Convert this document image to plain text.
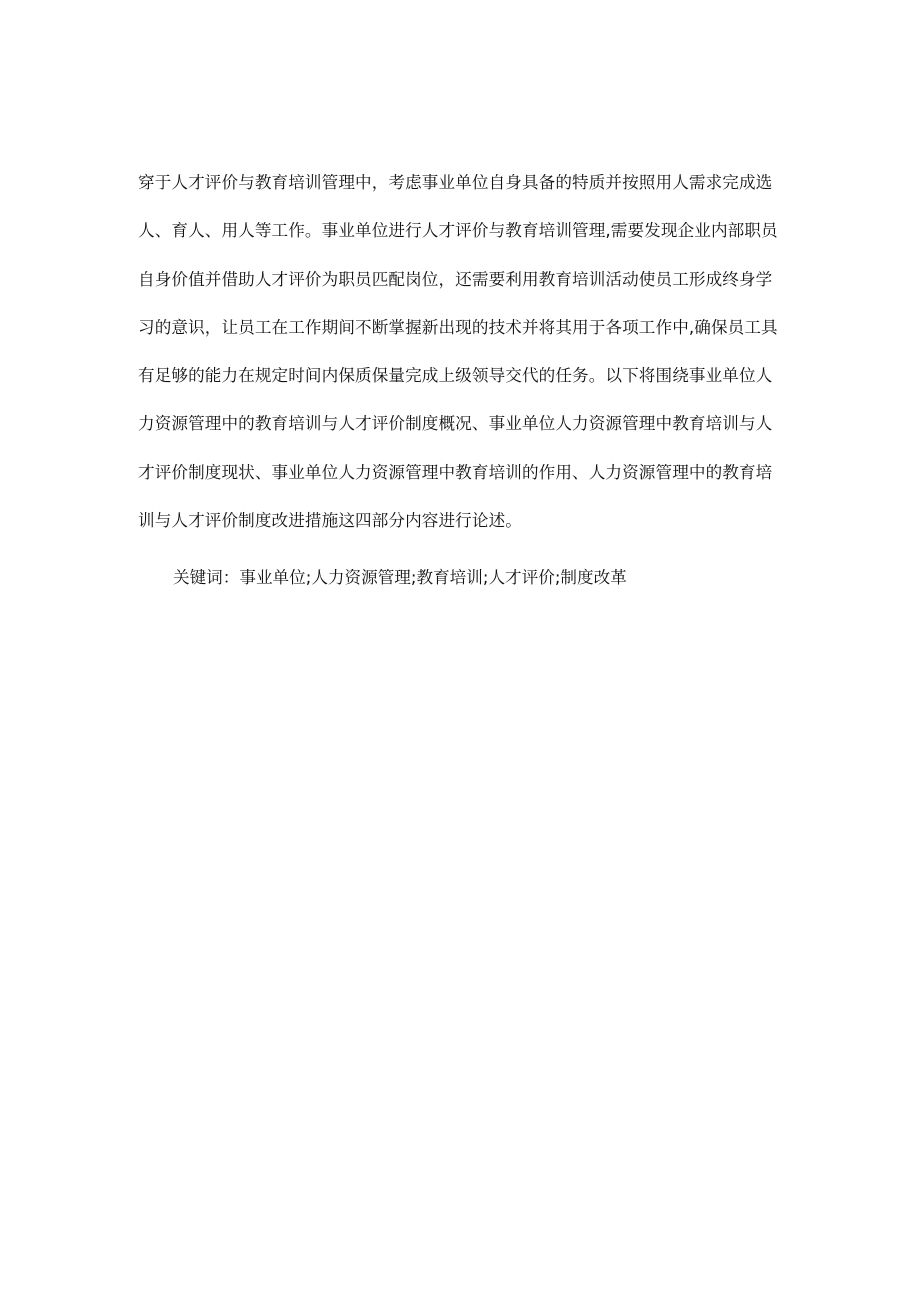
穿于人才评价与教育培训管理中，考虑事业单位自身具备的特质并按照用人需求完成选
人、育人、用人等工作。事业单位进行人才评价与教育培训管理,需要发现企业内部职员
自身价值并借助人才评价为职员匹配岗位，还需要利用教育培训活动使员工形成终身学
习的意识，让员工在工作期间不断掌握新出现的技术并将其用于各项工作中,确保员工具
有足够的能力在规定时间内保质保量完成上级领导交代的任务。以下将围绕事业单位人
力资源管理中的教育培训与人才评价制度概况、事业单位人力资源管理中教育培训与人
才评价制度现状、事业单位人力资源管理中教育培训的作用、人力资源管理中的教育培
训与人才评价制度改进措施这四部分内容进行论述。
关键词：事业单位;人力资源管理;教育培训;人才评价;制度改革
